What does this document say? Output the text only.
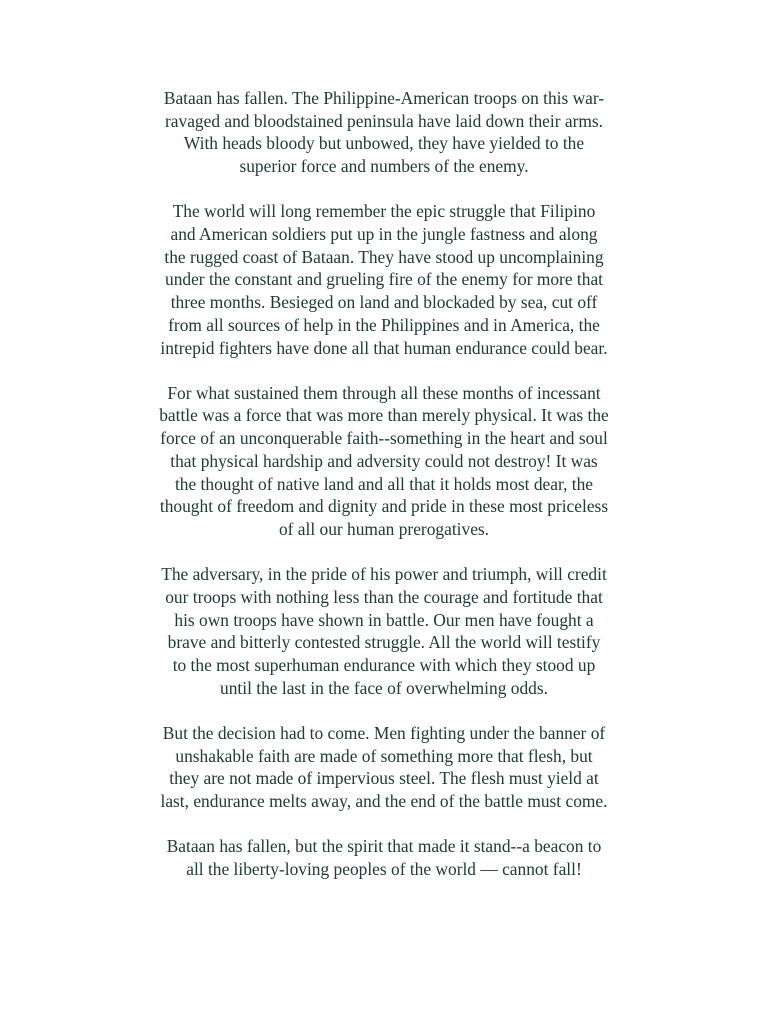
Bataan has fallen. The Philippine-American troops on this war-
ravaged and bloodstained peninsula have laid down their arms.
With heads bloody but unbowed, they have yielded to the
superior force and numbers of the enemy.

The world will long remember the epic struggle that Filipino
and American soldiers put up in the jungle fastness and along
the rugged coast of Bataan. They have stood up uncomplaining
under the constant and grueling fire of the enemy for more that
three months. Besieged on land and blockaded by sea, cut off
from all sources of help in the Philippines and in America, the
intrepid fighters have done all that human endurance could bear.

For what sustained them through all these months of incessant
battle was a force that was more than merely physical. It was the
force of an unconquerable faith--something in the heart and soul
that physical hardship and adversity could not destroy! It was
the thought of native land and all that it holds most dear, the
thought of freedom and dignity and pride in these most priceless
of all our human prerogatives.

The adversary, in the pride of his power and triumph, will credit
our troops with nothing less than the courage and fortitude that
his own troops have shown in battle. Our men have fought a
brave and bitterly contested struggle. All the world will testify
to the most superhuman endurance with which they stood up
until the last in the face of overwhelming odds.

But the decision had to come. Men fighting under the banner of
unshakable faith are made of something more that flesh, but
they are not made of impervious steel. The flesh must yield at
last, endurance melts away, and the end of the battle must come.

Bataan has fallen, but the spirit that made it stand--a beacon to
all the liberty-loving peoples of the world — cannot fall!
